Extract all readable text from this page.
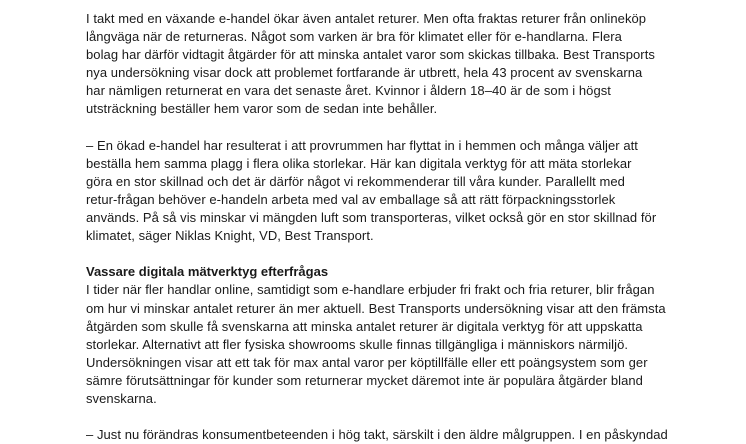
I takt med en växande e-handel ökar även antalet returer. Men ofta fraktas returer från onlineköp
långväga när de returneras. Något som varken är bra för klimatet eller för e-handlarna. Flera
bolag har därför vidtagit åtgärder för att minska antalet varor som skickas tillbaka. Best Transports
nya undersökning visar dock att problemet fortfarande är utbrett, hela 43 procent av svenskarna
har nämligen returnerat en vara det senaste året. Kvinnor i åldern 18–40 är de som i högst
utsträckning beställer hem varor som de sedan inte behåller.

– En ökad e-handel har resulterat i att provrummen har flyttat in i hemmen och många väljer att
beställa hem samma plagg i flera olika storlekar. Här kan digitala verktyg för att mäta storlekar
göra en stor skillnad och det är därför något vi rekommenderar till våra kunder. Parallellt med
retur-frågan behöver e-handeln arbeta med val av emballage så att rätt förpackningsstorlek
används. På så vis minskar vi mängden luft som transporteras, vilket också gör en stor skillnad för
klimatet, säger Niklas Knight, VD, Best Transport.

Vassare digitala mätverktyg efterfrågas

I tider när fler handlar online, samtidigt som e-handlare erbjuder fri frakt och fria returer, blir frågan
om hur vi minskar antalet returer än mer aktuell. Best Transports undersökning visar att den främsta
åtgärden som skulle få svenskarna att minska antalet returer är digitala verktyg för att uppskatta
storlekar. Alternativt att fler fysiska showrooms skulle finnas tillgängliga i människors närmiljö.
Undersökningen visar att ett tak för max antal varor per köptillfälle eller ett poängsystem som ger
sämre förutsättningar för kunder som returnerar mycket däremot inte är populära åtgärder bland
svenskarna.

– Just nu förändras konsumentbeteenden i hög takt, särskilt i den äldre målgruppen. I en påskyndad
